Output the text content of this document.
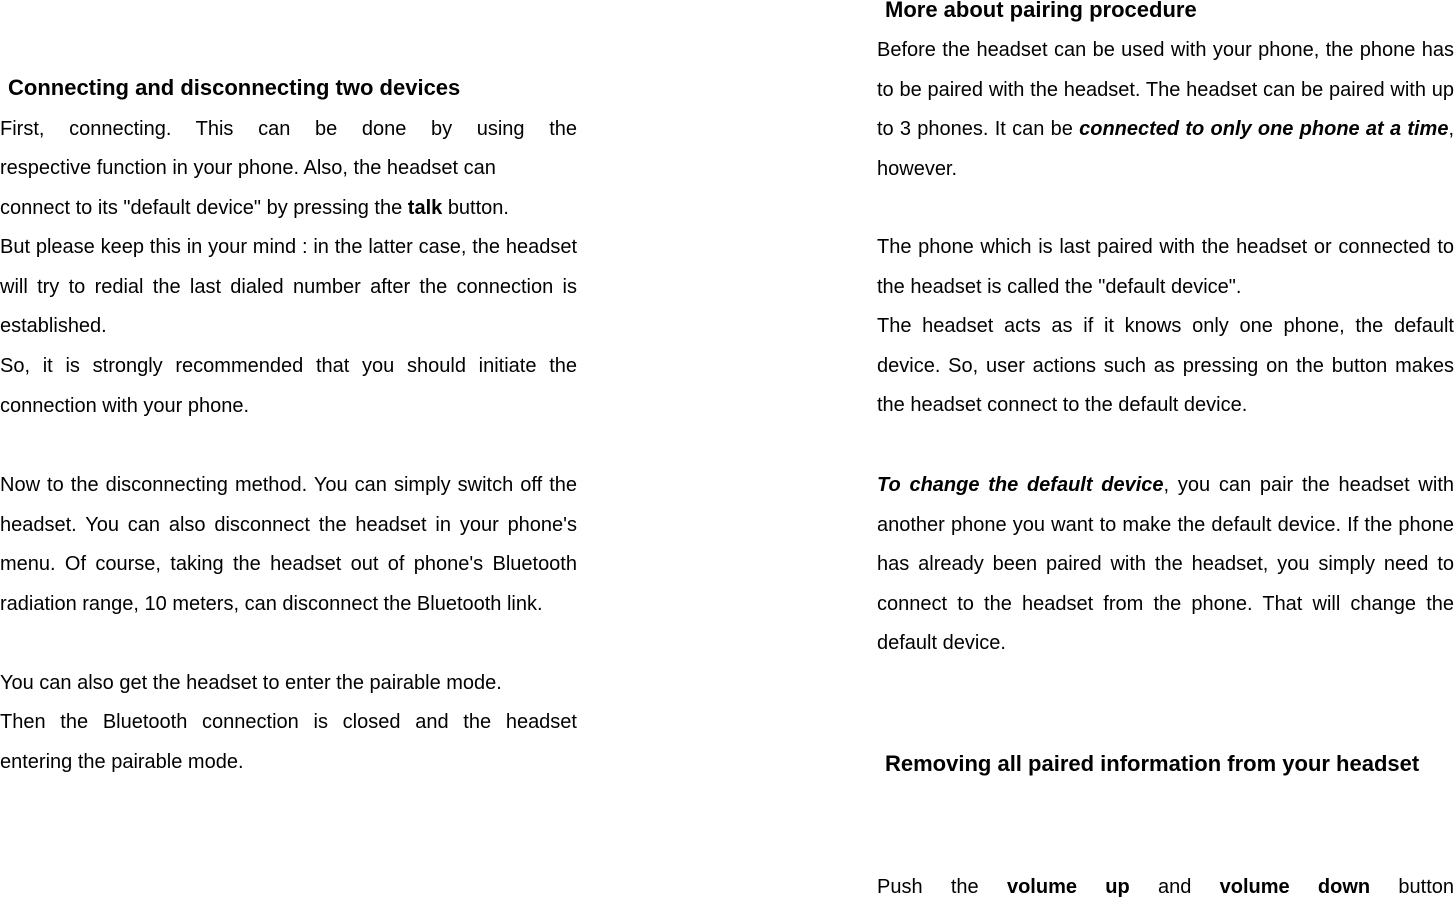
Connecting and disconnecting two devices

First, connecting. This can be done by using the

respective function in your phone. Also, the headset can

connect to its "default device" by pressing the talk button.

But please keep this in your mind : in the latter case, the headset will try to redial the last dialed number after the connection is established.

So, it is strongly recommended that you should initiate the connection with your phone.

Now to the disconnecting method. You can simply switch off the headset. You can also disconnect the headset in your phone's menu. Of course, taking the headset out of phone's Bluetooth radiation range, 10 meters, can disconnect the Bluetooth link.

You can also get the headset to enter the pairable mode.

Then the Bluetooth connection is closed and the headset entering the pairable mode.

More about pairing procedure

Before the headset can be used with your phone, the phone has to be paired with the headset. The headset can be paired with up to 3 phones. It can be connected to only one phone at a time, however.

The phone which is last paired with the headset or connected to the headset is called the "default device".

The headset acts as if it knows only one phone, the default device. So, user actions such as pressing on the button makes the headset connect to the default device.

To change the default device, you can pair the headset with another phone you want to make the default device. If the phone has already been paired with the headset, you simply need to connect to the headset from the phone. That will change the default device.

Removing all paired information from your headset

Push the volume up and volume down button
